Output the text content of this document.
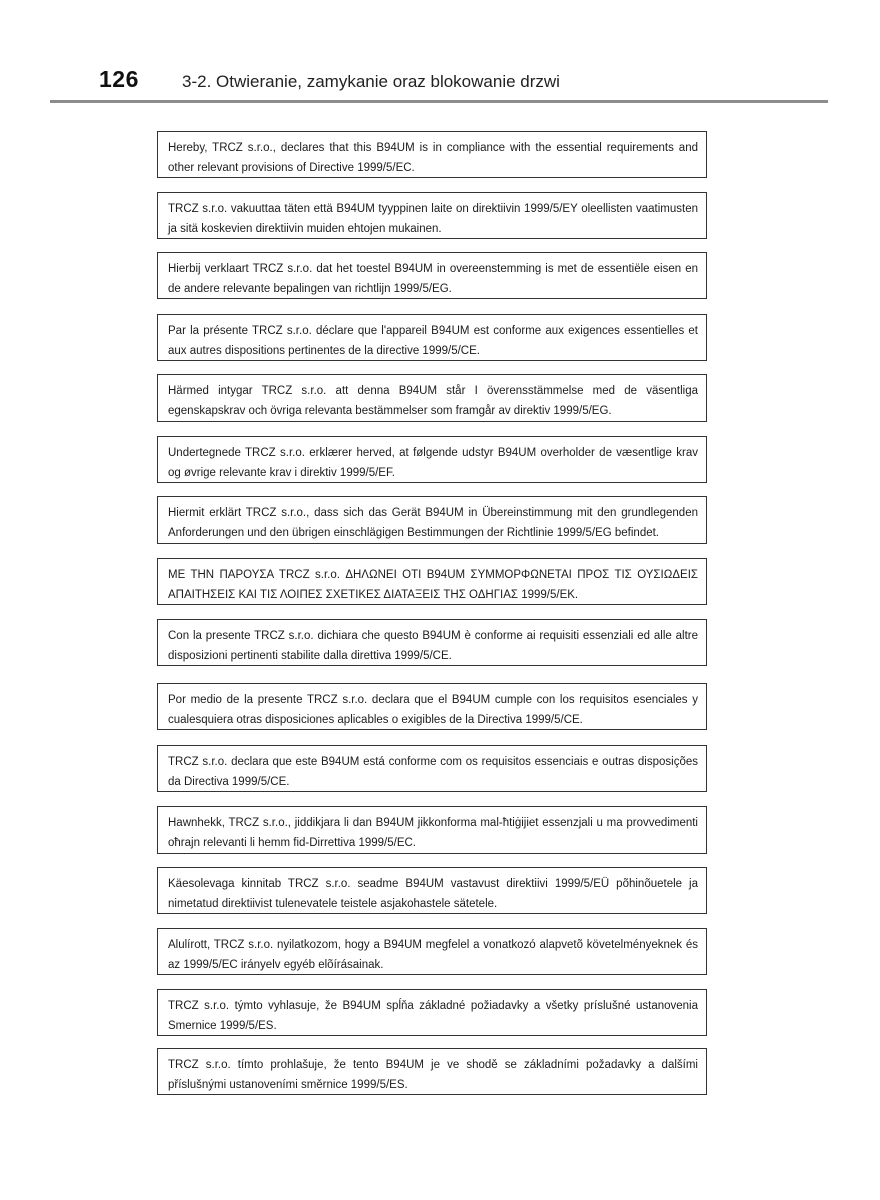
126	3-2. Otwieranie, zamykanie oraz blokowanie drzwi
Hereby, TRCZ s.r.o., declares that this B94UM is in compliance with the essential requirements and other relevant provisions of Directive 1999/5/EC.
TRCZ s.r.o. vakuuttaa täten että B94UM tyyppinen laite on direktiivin 1999/5/EY oleellisten vaatimusten ja sitä koskevien direktiivin muiden ehtojen mukainen.
Hierbij verklaart TRCZ s.r.o. dat het toestel B94UM in overeenstemming is met de essentiële eisen en de andere relevante bepalingen van richtlijn 1999/5/EG.
Par la présente TRCZ s.r.o. déclare que l'appareil B94UM est conforme aux exigences essentielles et aux autres dispositions pertinentes de la directive 1999/5/CE.
Härmed intygar TRCZ s.r.o. att denna B94UM står I överensstämmelse med de väsentliga egenskapskrav och övriga relevanta bestämmelser som framgår av direktiv 1999/5/EG.
Undertegnede TRCZ s.r.o. erklærer herved, at følgende udstyr B94UM overholder de væsentlige krav og øvrige relevante krav i direktiv 1999/5/EF.
Hiermit erklärt TRCZ s.r.o., dass sich das Gerät B94UM in Übereinstimmung mit den grundlegenden Anforderungen und den übrigen einschlägigen Bestimmungen der Richtlinie 1999/5/EG befindet.
ΜΕ ΤΗΝ ΠΑΡΟΥΣΑ TRCZ s.r.o. ΔΗΛΩΝΕΙ ΟΤΙ B94UM ΣΥΜΜΟΡΦΩΝΕΤΑΙ ΠΡΟΣ ΤΙΣ ΟΥΣΙΩΔΕΙΣ ΑΠΑΙΤΗΣΕΙΣ ΚΑΙ ΤΙΣ ΛΟΙΠΕΣ ΣΧΕΤΙΚΕΣ ΔΙΑΤΑΞΕΙΣ ΤΗΣ ΟΔΗΓΙΑΣ 1999/5/ΕΚ.
Con la presente TRCZ s.r.o. dichiara che questo B94UM è conforme ai requisiti essenziali ed alle altre disposizioni pertinenti stabilite dalla direttiva 1999/5/CE.
Por medio de la presente TRCZ s.r.o. declara que el B94UM cumple con los requisitos esenciales y cualesquiera otras disposiciones aplicables o exigibles de la Directiva 1999/5/CE.
TRCZ s.r.o. declara que este B94UM está conforme com os requisitos essenciais e outras disposições da Directiva 1999/5/CE.
Hawnhekk, TRCZ s.r.o., jiddikjara li dan B94UM jikkonforma mal-ħtiġijiet essenzjali u ma provvedimenti oħrajn relevanti li hemm fid-Dirrettiva 1999/5/EC.
Käesolevaga kinnitab TRCZ s.r.o. seadme B94UM vastavust direktiivi 1999/5/EÜ põhinõuetele ja nimetatud direktiivist tulenevatele teistele asjakohastele sätetele.
Alulírott, TRCZ s.r.o. nyilatkozom, hogy a B94UM megfelel a vonatkozó alapvetõ követelményeknek és az 1999/5/EC irányelv egyéb elõírásainak.
TRCZ s.r.o. týmto vyhlasuje, že B94UM spĺňa základné požiadavky a všetky príslušné ustanovenia Smernice 1999/5/ES.
TRCZ s.r.o. tímto prohlašuje, že tento B94UM je ve shodě se základními požadavky a dalšími příslušnými ustanoveními směrnice 1999/5/ES.
